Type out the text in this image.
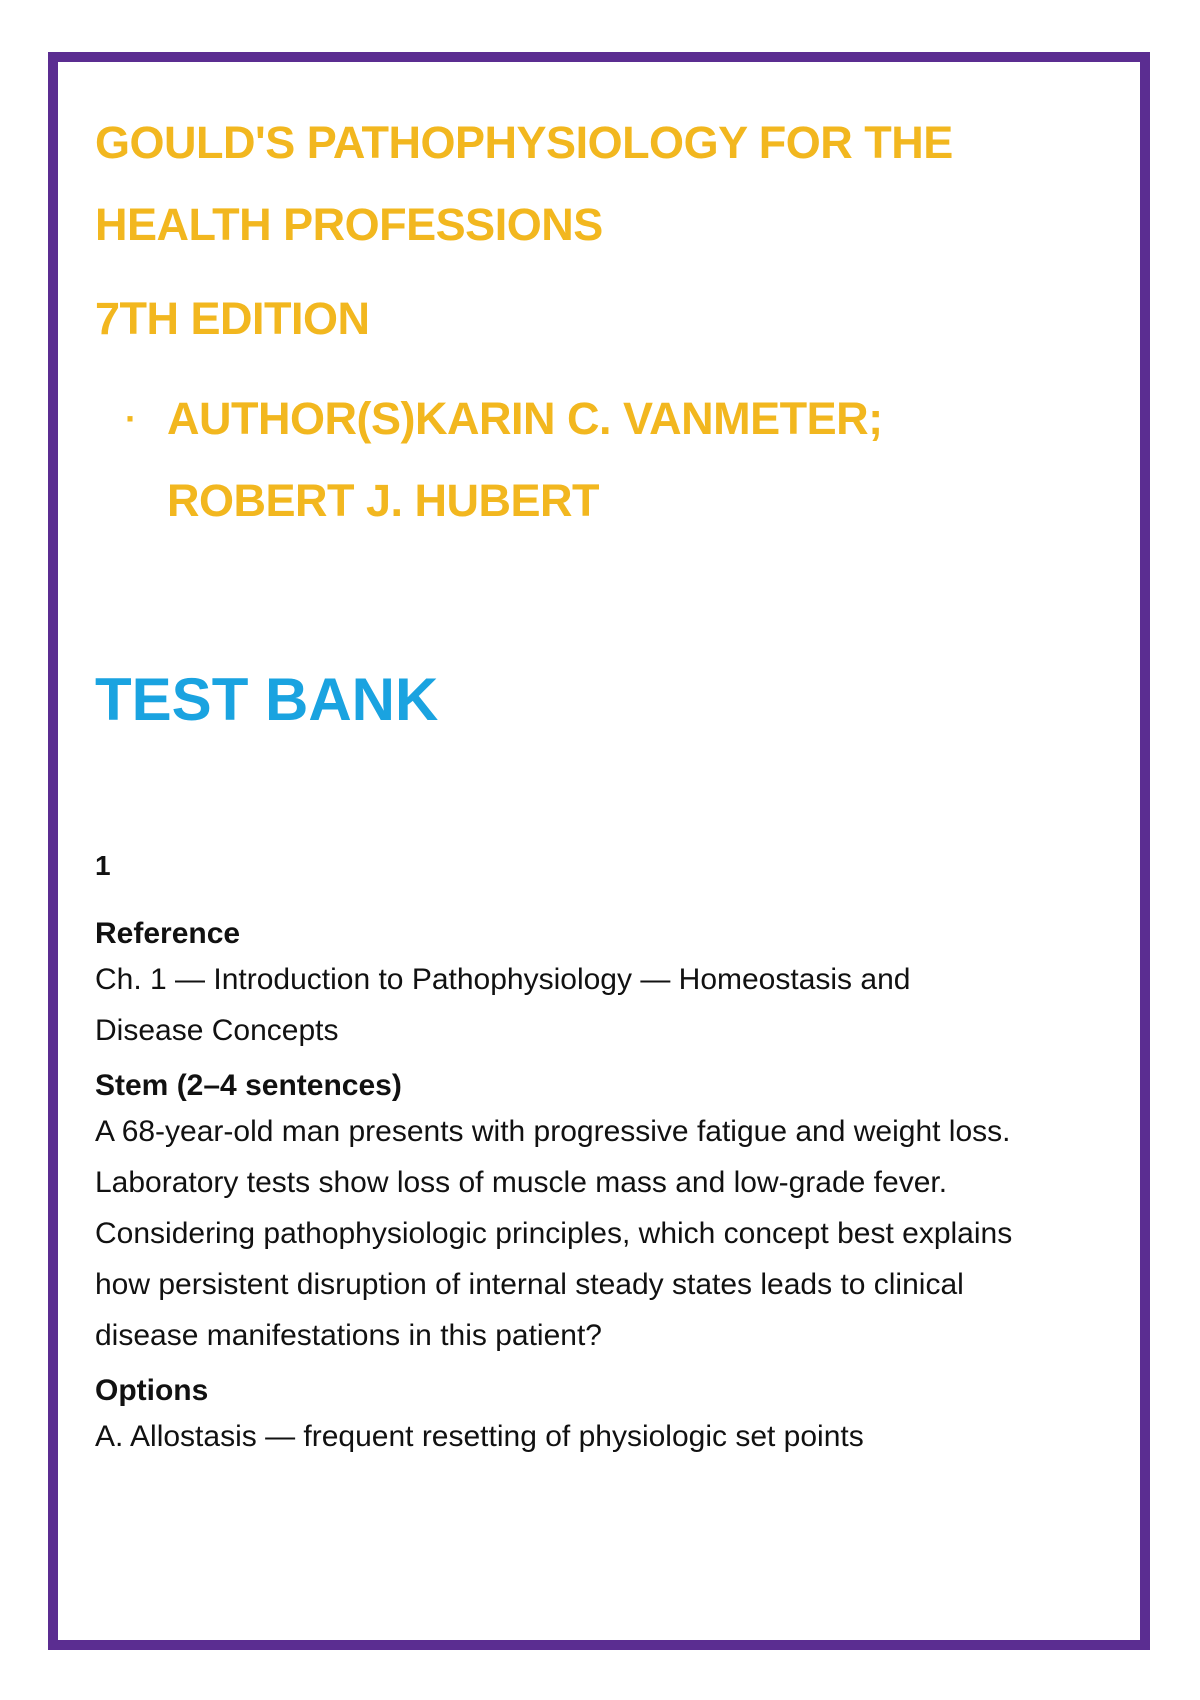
GOULD'S PATHOPHYSIOLOGY FOR THE

HEALTH PROFESSIONS

7TH EDITION

· AUTHOR(S)KARIN C. VANMETER; ROBERT J. HUBERT

TEST BANK

1

Reference

Ch. 1 — Introduction to Pathophysiology — Homeostasis and Disease Concepts

Stem (2–4 sentences)

A 68-year-old man presents with progressive fatigue and weight loss. Laboratory tests show loss of muscle mass and low-grade fever. Considering pathophysiologic principles, which concept best explains how persistent disruption of internal steady states leads to clinical disease manifestations in this patient?

Options

A. Allostasis — frequent resetting of physiologic set points
